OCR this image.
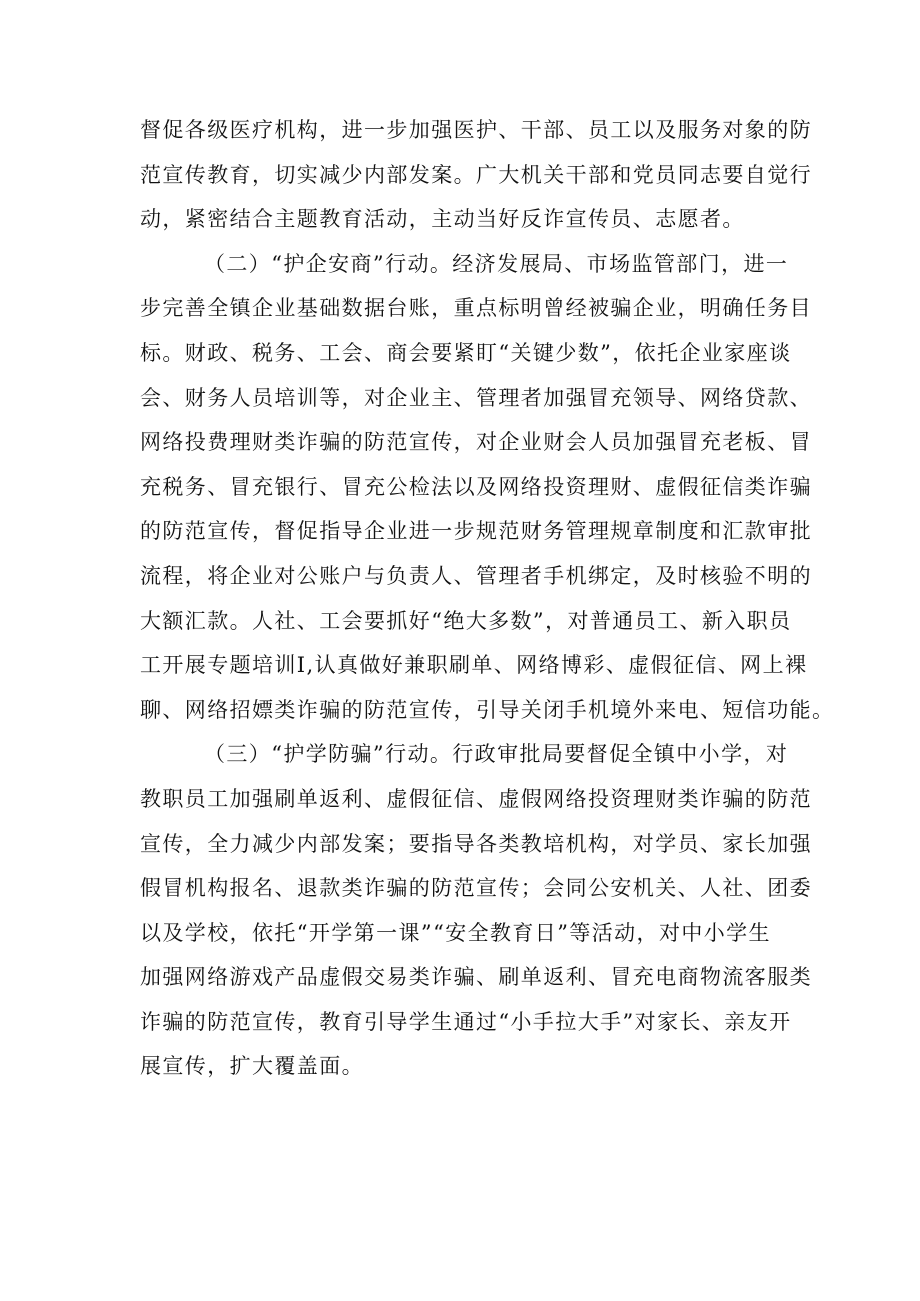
督促各级医疗机构，进一步加强医护、干部、员工以及服务对象的防
范宣传教育，切实减少内部发案。广大机关干部和党员同志要自觉行
动，紧密结合主题教育活动，主动当好反诈宣传员、志愿者。
（二）“护企安商”行动。经济发展局、市场监管部门，进一
步完善全镇企业基础数据台账，重点标明曾经被骗企业，明确任务目
标。财政、税务、工会、商会要紧盯“关键少数”，依托企业家座谈
会、财务人员培训等，对企业主、管理者加强冒充领导、网络贷款、
网络投费理财类诈骗的防范宣传，对企业财会人员加强冒充老板、冒
充税务、冒充银行、冒充公检法以及网络投资理财、虚假征信类诈骗
的防范宣传，督促指导企业进一步规范财务管理规章制度和汇款审批
流程，将企业对公账户与负责人、管理者手机绑定，及时核验不明的
大额汇款。人社、工会要抓好“绝大多数”，对普通员工、新入职员
工开展专题培训I,认真做好兼职刷单、网络博彩、虚假征信、网上裸
聊、网络招嫖类诈骗的防范宣传，引导关闭手机境外来电、短信功能。
（三）“护学防骗”行动。行政审批局要督促全镇中小学，对
教职员工加强刷单返利、虚假征信、虚假网络投资理财类诈骗的防范
宣传，全力减少内部发案；要指导各类教培机构，对学员、家长加强
假冒机构报名、退款类诈骗的防范宣传；会同公安机关、人社、团委
以及学校，依托“开学第一课”“安全教育日”等活动，对中小学生
加强网络游戏产品虚假交易类诈骗、刷单返利、冒充电商物流客服类
诈骗的防范宣传，教育引导学生通过“小手拉大手”对家长、亲友开
展宣传，扩大覆盖面。
